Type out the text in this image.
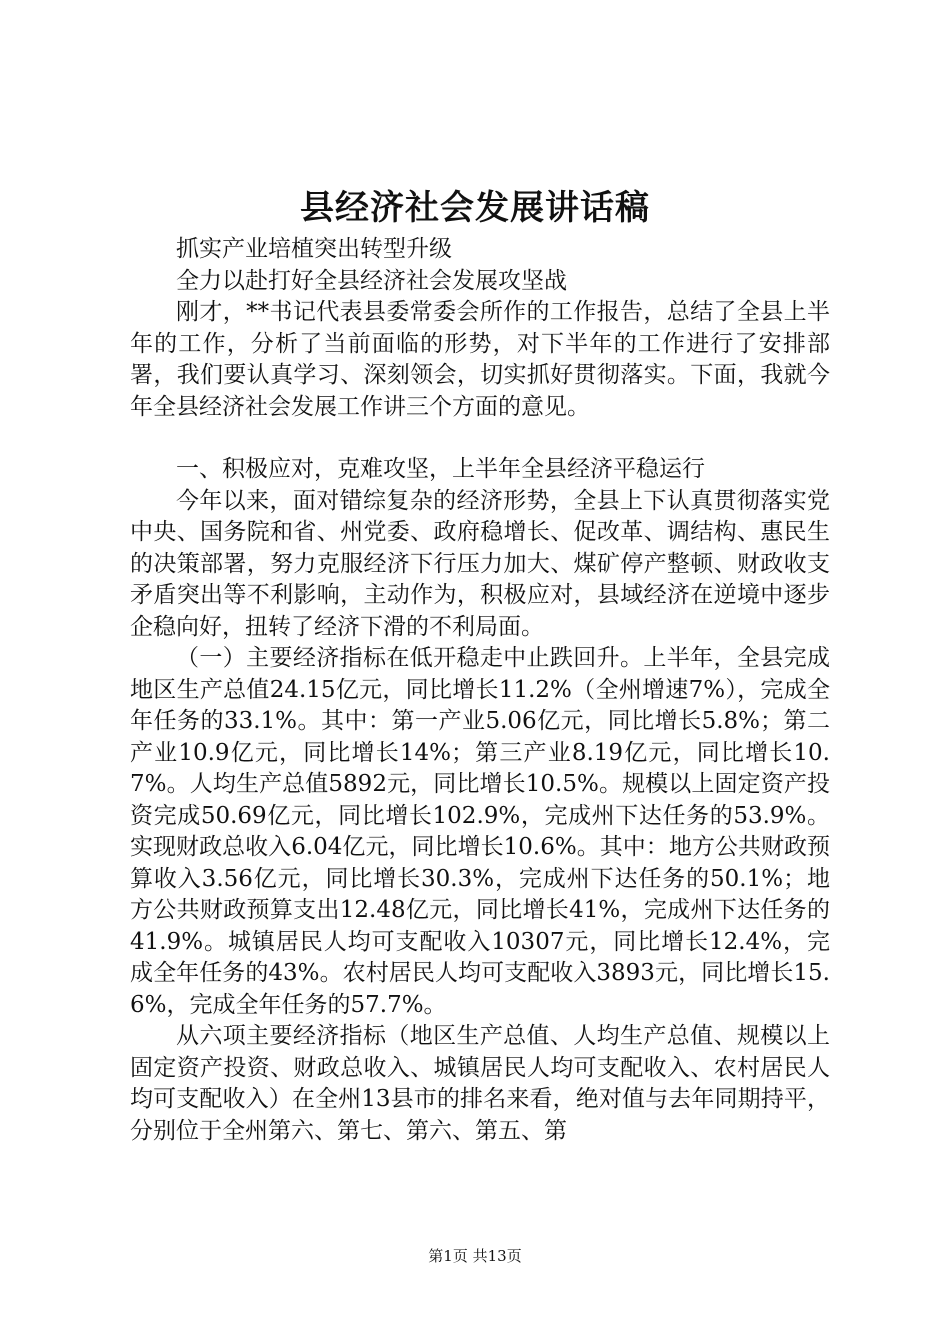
县经济社会发展讲话稿

抓实产业培植突出转型升级

全力以赴打好全县经济社会发展攻坚战

刚才，**书记代表县委常委会所作的工作报告，总结了全县上半年的工作，分析了当前面临的形势，对下半年的工作进行了安排部署，我们要认真学习、深刻领会，切实抓好贯彻落实。下面，我就今年全县经济社会发展工作讲三个方面的意见。

一、积极应对，克难攻坚，上半年全县经济平稳运行

今年以来，面对错综复杂的经济形势，全县上下认真贯彻落实党中央、国务院和省、州党委、政府稳增长、促改革、调结构、惠民生的决策部署，努力克服经济下行压力加大、煤矿停产整顿、财政收支矛盾突出等不利影响，主动作为，积极应对，县域经济在逆境中逐步企稳向好，扭转了经济下滑的不利局面。

（一）主要经济指标在低开稳走中止跌回升。上半年，全县完成地区生产总值24.15亿元，同比增长11.2%（全州增速7%），完成全年任务的33.1%。其中：第一产业5.06亿元，同比增长5.8%；第二产业10.9亿元，同比增长14%；第三产业8.19亿元，同比增长10.7%。人均生产总值5892元，同比增长10.5%。规模以上固定资产投资完成50.69亿元，同比增长102.9%，完成州下达任务的53.9%。实现财政总收入6.04亿元，同比增长10.6%。其中：地方公共财政预算收入3.56亿元，同比增长30.3%，完成州下达任务的50.1%；地方公共财政预算支出12.48亿元，同比增长41%，完成州下达任务的41.9%。城镇居民人均可支配收入10307元，同比增长12.4%，完成全年任务的43%。农村居民人均可支配收入3893元，同比增长15.6%，完成全年任务的57.7%。

从六项主要经济指标（地区生产总值、人均生产总值、规模以上固定资产投资、财政总收入、城镇居民人均可支配收入、农村居民人均可支配收入）在全州13县市的排名来看，绝对值与去年同期持平，分别位于全州第六、第七、第六、第五、第

第1页 共13页
